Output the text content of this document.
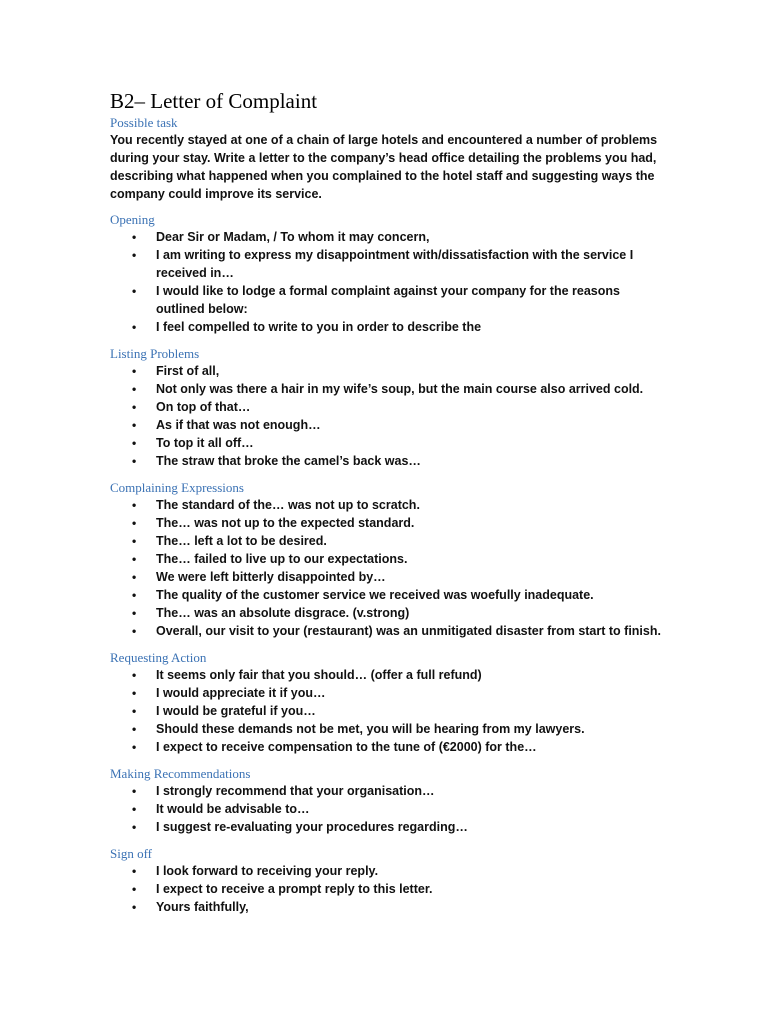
B2– Letter of Complaint

Possible task

You recently stayed at one of a chain of large hotels and encountered a number of problems during your stay. Write a letter to the company’s head office detailing the problems you had, describing what happened when you complained to the hotel staff and suggesting ways the company could improve its service.

Opening

• Dear Sir or Madam, / To whom it may concern,
• I am writing to express my disappointment with/dissatisfaction with the service I received in…
• I would like to lodge a formal complaint against your company for the reasons outlined below:
• I feel compelled to write to you in order to describe the

Listing Problems

• First of all,
• Not only was there a hair in my wife’s soup, but the main course also arrived cold.
• On top of that…
• As if that was not enough…
• To top it all off…
• The straw that broke the camel’s back was…

Complaining Expressions

• The standard of the… was not up to scratch.
• The… was not up to the expected standard.
• The… left a lot to be desired.
• The… failed to live up to our expectations.
• We were left bitterly disappointed by…
• The quality of the customer service we received was woefully inadequate.
• The… was an absolute disgrace. (v.strong)
• Overall, our visit to your (restaurant) was an unmitigated disaster from start to finish.

Requesting Action

• It seems only fair that you should… (offer a full refund)
• I would appreciate it if you…
• I would be grateful if you…
• Should these demands not be met, you will be hearing from my lawyers.
• I expect to receive compensation to the tune of (€2000) for the…

Making Recommendations

• I strongly recommend that your organisation…
• It would be advisable to…
• I suggest re-evaluating your procedures regarding…

Sign off

• I look forward to receiving your reply.
• I expect to receive a prompt reply to this letter.
• Yours faithfully,
